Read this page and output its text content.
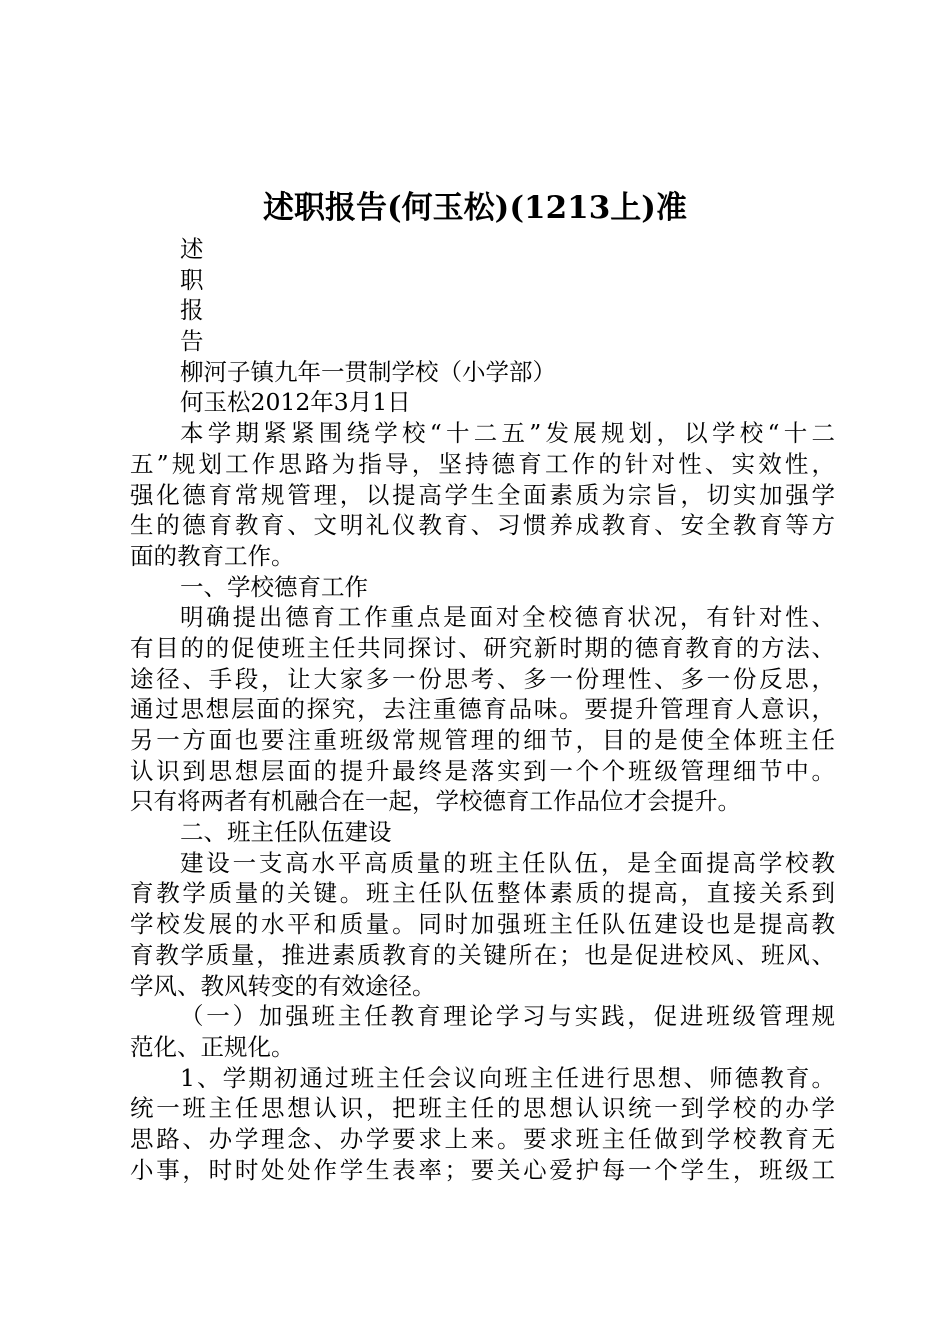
述职报告(何玉松)(1213上)准
述
职
报
告
柳河子镇九年一贯制学校（小学部）
何玉松2012年3月1日
本学期紧紧围绕学校“十二五”发展规划，以学校“十二
五”规划工作思路为指导，坚持德育工作的针对性、实效性，
强化德育常规管理，以提高学生全面素质为宗旨，切实加强学
生的德育教育、文明礼仪教育、习惯养成教育、安全教育等方
面的教育工作。
一、学校德育工作
明确提出德育工作重点是面对全校德育状况，有针对性、
有目的的促使班主任共同探讨、研究新时期的德育教育的方法、
途径、手段，让大家多一份思考、多一份理性、多一份反思，
通过思想层面的探究，去注重德育品味。要提升管理育人意识，
另一方面也要注重班级常规管理的细节，目的是使全体班主任
认识到思想层面的提升最终是落实到一个个班级管理细节中。
只有将两者有机融合在一起，学校德育工作品位才会提升。
二、班主任队伍建设
建设一支高水平高质量的班主任队伍，是全面提高学校教
育教学质量的关键。班主任队伍整体素质的提高，直接关系到
学校发展的水平和质量。同时加强班主任队伍建设也是提高教
育教学质量，推进素质教育的关键所在；也是促进校风、班风、
学风、教风转变的有效途径。
（一）加强班主任教育理论学习与实践，促进班级管理规
范化、正规化。
1、学期初通过班主任会议向班主任进行思想、师德教育。
统一班主任思想认识，把班主任的思想认识统一到学校的办学
思路、办学理念、办学要求上来。要求班主任做到学校教育无
小事，时时处处作学生表率；要关心爱护每一个学生，班级工
